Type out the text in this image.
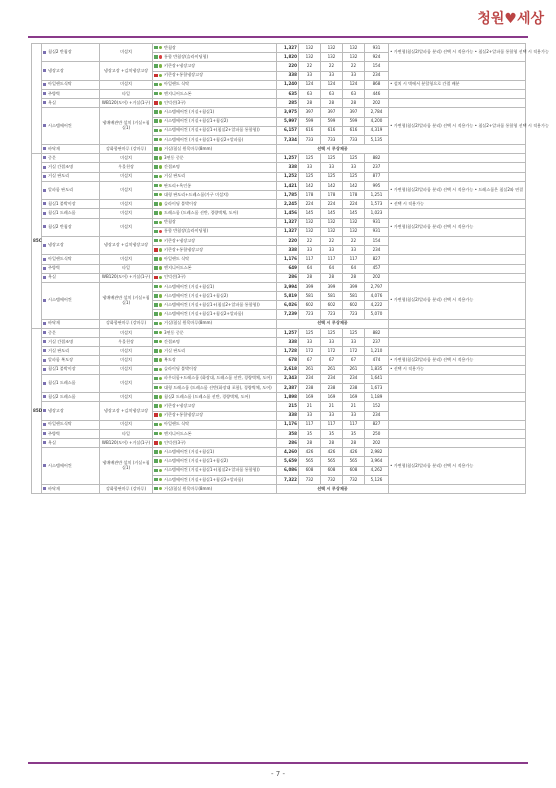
청원♥세상
	침실2 반침장	미설치	반침장	1,327	132	132	132	931	• 가변형(침실2/알파룸 분리) 선택 시 적용가능 • 침실2+알파룸 통합형 선택 시 적용가능
			통합 반침장(슬라이딩형)	1,820	132	132	132	924	
	냉장고장	냉장고장 +김치냉장고장	키큰장+냉장고장	220	22	22	22	154	
			키큰장+통합냉장고장	338	33	33	33	234	
	아일랜드식탁	미설치	아일랜드 식탁	1,240	124	124	124	868	• 설치 시 벽에서 분할형으로 간접 배분
	주방벽	타일	엔지니어드스톤	635	63	63	63	446	
	욕실	WB120(도어) +거실(1구)	인덕션(3구)	285	28	28	28	202	
	시스템에어컨	냉매배관만 설치 (거실+침실1)	시스템에어컨 (거실+침실1)	3,975	397	397	397	2,784	• 가변형(침실2/알파룸 분리) 선택 시 적용가능 • 침실2+알파룸 통합형 선택 시 적용가능
			시스템에어컨 (거실+침실1+침실2)	5,997	599	599	599	4,200	
			시스템에어컨 (거실+침실1+(침실2+알파룸 통합형))	6,157	616	616	616	4,319	
			시스템에어컨 (거실+침실1+침실2+알파룸)	7,334	733	733	733	5,135	
	바닥재	강화합판마루 (강마루)	거실/침실 원목마루(8mm)	선택 시 무상제공					
85C	중문	미설치	3연동 중문	1,257	125	125	125	882	
	거실 간접조명	우물천장	간접조명	338	33	33	33	237	
	거실 판도리	미설치	거실 판도리	1,252	125	125	125	877	
	알파룸 판도리	미설치	판도리+욕인롱	1,421	142	142	142	995	• 가변형(침실2/알파룸 분리) 선택 시 적용가능 • 드레스룸은 침실2와 연결
			대형 판도리+드레스룸(가구 미설치)	1,785	178	178	178	1,251	
	침실1 붙박이장	미설치	슬라이딩 붙박이장	2,245	224	224	224	1,573	• 선택 시 적용가능
	침실1 드레스룸	미설치	드레스룸 (드레스룸 선반, 경량벽체, 도어)	1,456	145	145	145	1,023	
	침실2 반침장	미설치	반침장	1,327	132	132	132	931	• 가변형(침실2/알파룸 분리) 선택 시 적용가능
			통합 반침장(슬라이딩형)	1,327	132	132	132	931	
	냉장고장	냉장고장 +김치냉장고장	키큰장+냉장고장	220	22	22	22	154	
			키큰장+통합냉장고장	338	33	33	33	234	
	아일랜드식탁	미설치	아일랜드 식탁	1,176	117	117	117	827	
	주방벽	타일	엔지니어드스톤	649	64	64	64	457	
	욕실	WB120(도어) +거실(1구)	인덕션(3구)	286	28	28	28	202	
	시스템에어컨	냉매배관만 설치 (거실+침실1)	시스템에어컨 (거실+침실1)	3,994	399	399	399	2,797	• 가변형(침실2/알파룸 분리) 선택 시 적용가능
			시스템에어컨 (거실+침실1+침실2)	5,819	581	581	581	4,076	
			시스템에어컨 (거실+침실1+(침실2+알파룸 통합형))	6,026	602	602	602	4,222	
			시스템에어컨 (거실+침실1+침실2+알파룸)	7,239	723	723	723	5,070	
	바닥재	강화합판마루 (강마루)	거실/침실 원목마루(8mm)	선택 시 무상제공					
85D	중문	미설치	3연동 중문	1,257	125	125	125	882	
	거실 간접조명	우물천장	간접조명	338	33	33	33	237	
	거실 판도리	미설치	거실 판도리	1,728	172	172	172	1,210	
	알파룸 복도장	미설치	복도장	678	67	67	67	474	• 가변형(침실2/알파룸 분리) 선택 시 적용가능
	침실1 붙박이장	미설치	슬라이딩 붙박이장	2,618	261	261	261	1,835	• 선택 시 적용가능
	침실1 드레스룸	미설치	파우더룸+드레스룸 (화장대, 드레스룸 선반, 경량벽체, 도어)	2,343	234	234	234	1,641	
			대형 드레스룸 (드레스룸 선반(화장대 포함), 경량벽체, 도어)	2,387	238	238	238	1,673	
	침실2 드레스룸	미설치	침실2 드레스룸 (드레스룸 선반, 경량벽체, 도어)	1,898	169	169	169	1,189	
	냉장고장	냉장고장 +김치냉장고장	키큰장+냉장고장	215	21	21	21	152	
			키큰장+통합냉장고장	338	33	33	33	234	
	아일랜드식탁	미설치	아일랜드 식탁	1,176	117	117	117	827	
	주방벽	타일	엔지니어드스톤	358	35	35	35	250	
	욕실	WB120(도어) +거실(1구)	인덕션(3구)	286	28	28	28	202	
	시스템에어컨	냉매배관만 설치 (거실+침실1)	시스템에어컨 (거실+침실1)	4,260	426	426	426	2,982	• 가변형(침실2/알파룸 분리) 선택 시 적용가능
			시스템에어컨 (거실+침실1+침실2)	5,659	565	565	565	3,964	
			시스템에어컨 (거실+침실1+(침실2+알파룸 통합형))	6,086	608	608	608	4,262	
			시스템에어컨 (거실+침실1+침실2+알파룸)	7,322	732	732	732	5,126	
	바닥재	강화합판마루 (강마루)	거실/침실 원목마루(8mm)	선택 시 무상제공					
- 7 -
